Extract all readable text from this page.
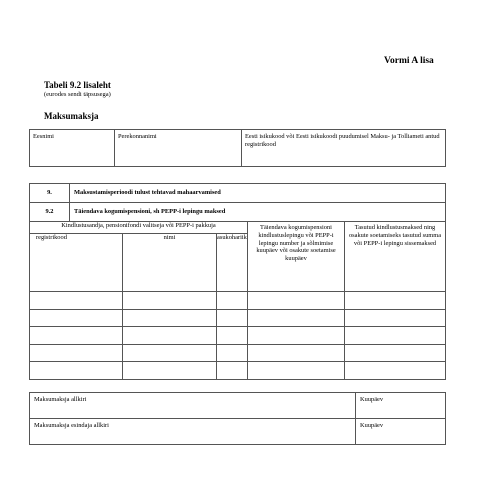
Vormi A lisa
Tabeli 9.2 lisaleht
(eurodes sendi täpsusega)
Maksumaksja
Eesnimi	Perekonnanimi	Eesti isikukood või Eesti isikukoodi puudumisel Maksu- ja Tolliameti antud registrikood
9.	Maksustamisperioodi tulust tehtavad mahaarvamised				
9.2	Täiendava kogumispensioni, sh PEPP-i lepingu maksed				
Kindlustusandja, pensionifondi valitseja või PEPP-i pakkuja				Täiendava kogumispensioni kindlustuslepingu või PEPP-i lepingu number ja sõlmimise kuupäev või osakute soetamise kuupäev	Tasutud kindlustusmaksed ning osakute soetamiseks tasutud summa või PEPP-i lepingu sissemaksed
registrikood		nimi	asukohariik		

Maksumaksja allkiri	Kuupäev
Maksumaksja esindaja allkiri	Kuupäev
